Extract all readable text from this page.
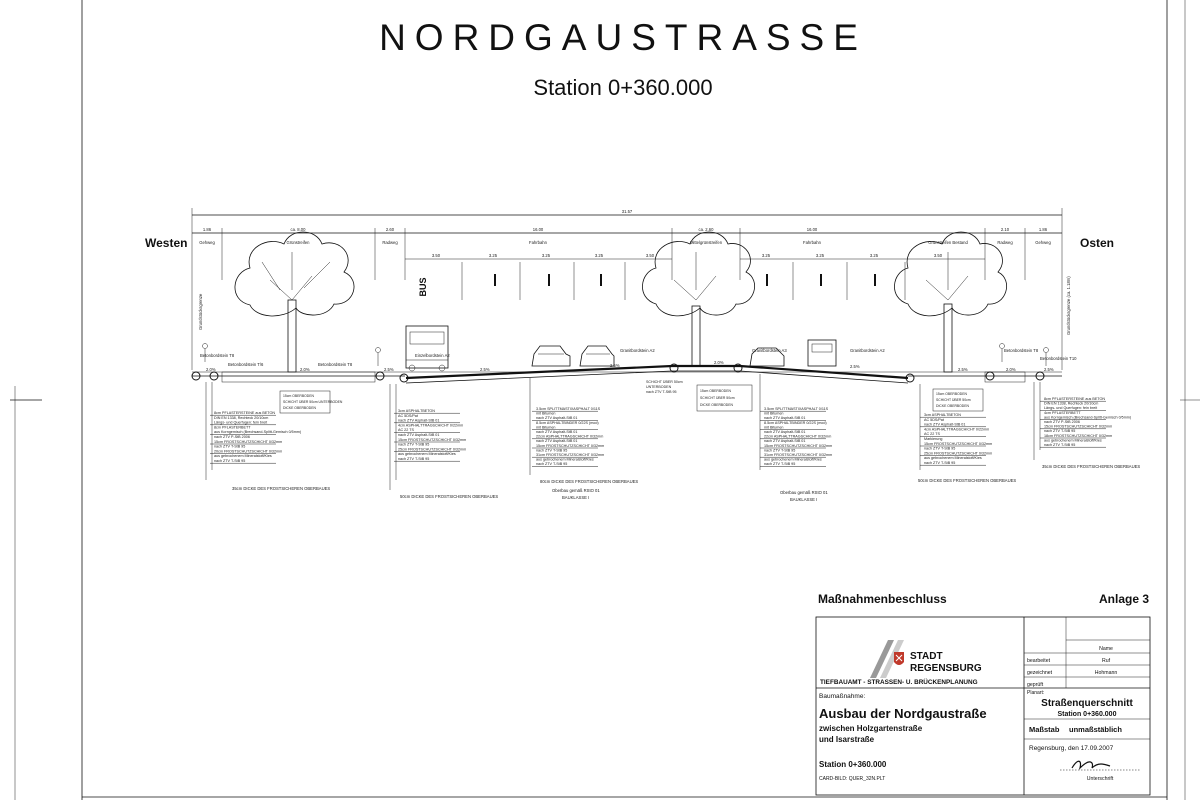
NORDGAUSTRASSE
Station 0+360.000
Westen	Osten
31.57
1.86	ca. 8.00	2.60	16.00	ca. 2.60	16.00	2.10	1.86
Gehweg	Grünstreifen	Radweg	Fahrbahn	Mittelgrünstreifen	Fahrbahn	Grünstreifen Bestand	Radweg	Gehweg
3.50	3.25	3.25	3.25	3.50	3.25	3.25	3.25	3.50
BUS
Grundstücksgrenze	Grundstücksgrenze (ca. 1.18m)
Betonbordstein T8
Betonbordstein T/6	Betonbordstein T8
Einzelbordstein A2
Granitbordstein A2	Granitbordstein A3	Granitbordstein A2	Betonbordstein T8
Betonbordstein T10
2.0%	2.0%	2.5%	2.5%
2.5%
2.0%
2.5%
2.5%	2.0%	2.5%
15cm OBERBODEN
SCHICHT ÜBER 50cm UNTERBODEN
DICKE OBERBODEN
15cm OBERBODEN
SCHICHT ÜBER 50cm
DICKE OBERBODEN
15cm OBERBODEN
SCHICHT ÜBER 50cm
DICKE OBERBODEN
SCHICHT ÜBER 50cm
UNTERBODEN
nach ZTV T-StB 95
8cm PFLASTERSTEINE aus BETON
DIN EN 1338, Rechteck 20/10cm
Längs- und Querfugen: fein breit
8cm PFLASTERBETT
aus Korngemisch (Brechsand-Splitt-Gemisch 0/5mm)
nach ZTV P-StB 2006
15cm FROSTSCHUTZSCHICHT 0/32mm
nach ZTV T-StB 95
20cm FROSTSCHUTZSCHICHT 0/32mm
aus gebrochenem Mineralstoff/Kies
nach ZTV T-StB 95
3cm ASPHALTBETON
AC 5DS/Pat
nach ZTV Asphalt-StB 01
4cm ASPHALTTRAGSCHICHT 0/22mm
AC 22 TS
nach ZTV Asphalt-StB 01
15cm FROSTSCHUTZSCHICHT 0/32mm
nach ZTV T-StB 95
25cm FROSTSCHUTZSCHICHT 0/32mm
aus gebrochenem Mineralstoff/Kies
nach ZTV T-StB 95
3.5cm SPLITTMASTIXASPHALT 0/11S
mit Bitumen
nach ZTV Asphalt-StB 01
8.5cm ASPHALTBINDER 0/22S (mod)
mit Bitumen
nach ZTV Asphalt-StB 01
22cm ASPHALTTRAGSCHICHT 0/32mm
nach ZTV Asphalt-StB 01
15cm FROSTSCHUTZSCHICHT 0/32mm
nach ZTV T-StB 95
31cm FROSTSCHUTZSCHICHT 0/32mm
aus gebrochenem Mineralstoff/Kies
nach ZTV T-StB 95
3.5cm SPLITTMASTIXASPHALT 0/11S
mit Bitumen
nach ZTV Asphalt-StB 01
8.5cm ASPHALTBINDER 0/22S (mod)
mit Bitumen
nach ZTV Asphalt-StB 01
22cm ASPHALTTRAGSCHICHT 0/32mm
nach ZTV Asphalt-StB 01
15cm FROSTSCHUTZSCHICHT 0/32mm
nach ZTV T-StB 95
31cm FROSTSCHUTZSCHICHT 0/32mm
aus gebrochenem Mineralstoff/Kies
nach ZTV T-StB 95
3cm ASPHALTBETON
AC 5DS/Pat
nach ZTV Asphalt-StB 01
4cm ASPHALTTRAGSCHICHT 0/22mm
AC 22 TS
Markierung
15cm FROSTSCHUTZSCHICHT 0/32mm
nach ZTV T-StB 95
25cm FROSTSCHUTZSCHICHT 0/32mm
aus gebrochenem Mineralstoff/Kies
nach ZTV T-StB 95
8cm PFLASTERSTEINE aus BETON
DIN EN 1338, Rechteck 20/10cm
Längs- und Querfugen: fein breit
4cm PFLASTERBETT
aus Korngemisch (Brechsand-Splitt-Gemisch 0/5mm)
nach ZTV P-StB 2006
15cm FROSTSCHUTZSCHICHT 0/32mm
nach ZTV T-StB 95
18cm FROSTSCHUTZSCHICHT 0/32mm
aus gebrochenem Mineralstoff/Kies
nach ZTV T-StB 95
35cm DICKE DES FROSTSICHEREN OBERBAUES
50cm DICKE DES FROSTSICHEREN OBERBAUES
80cm DICKE DES FROSTSICHEREN OBERBAUES
Oberbau gemäß RStO 01
BAUKLASSE I
Oberbau gemäß RStO 01
BAUKLASSE I
50cm DICKE DES FROSTSICHEREN OBERBAUES
35cm DICKE DES FROSTSICHEREN OBERBAUES
Maßnahmenbeschluss	Anlage 3
STADT
REGENSBURG
TIEFBAUAMT - STRASSEN- U. BRÜCKENPLANUNG
Name
bearbeitet	Ruf
gezeichnet	Hohmann
geprüft
Baumaßnahme:
Ausbau der Nordgaustraße
zwischen Holzgartenstraße
und Isarstraße
Station 0+360.000
CARD-BILD: QUER_32N.PLT
Planart:
Straßenquerschnitt
Station 0+360.000
Maßstab unmaßstäblich
Regensburg, den 17.09.2007
Unterschrift
